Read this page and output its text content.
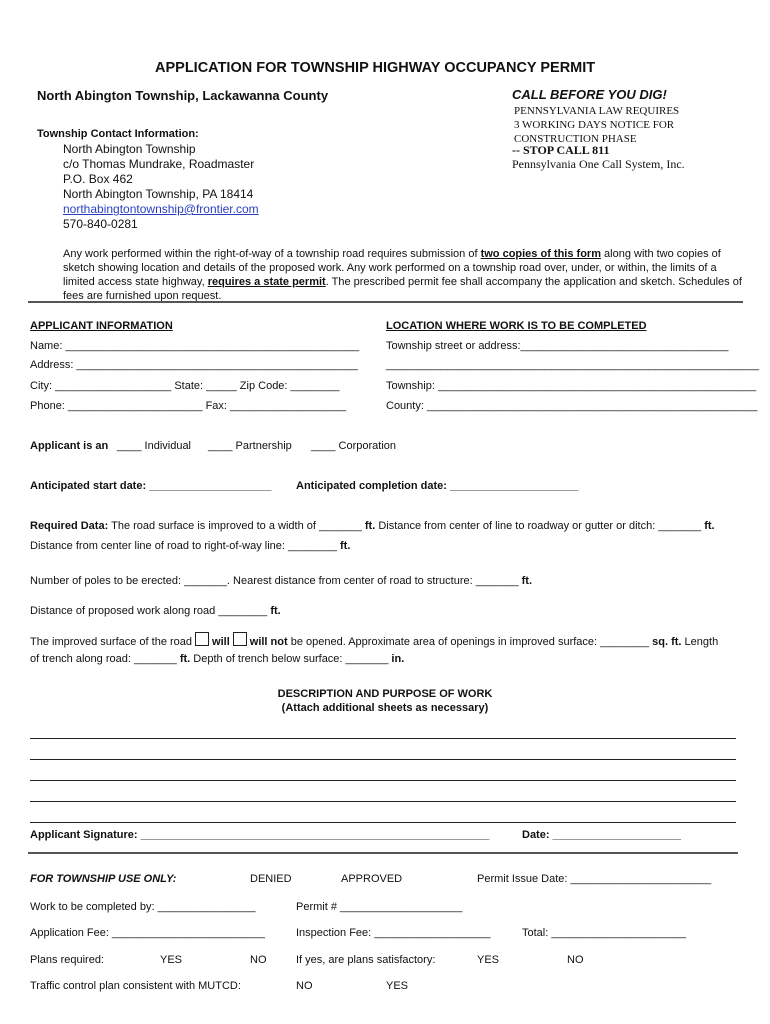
APPLICATION FOR TOWNSHIP HIGHWAY OCCUPANCY PERMIT
North Abington Township, Lackawanna County	CALL BEFORE YOU DIG!
PENNSYLVANIA LAW REQUIRES
3 WORKING DAYS NOTICE FOR
CONSTRUCTION PHASE
-- STOP CALL 811
Pennsylvania One Call System, Inc.
Township Contact Information:
North Abington Township
c/o Thomas Mundrake, Roadmaster
P.O. Box 462
North Abington Township, PA 18414
northabingtontownship@frontier.com
570-840-0281
Any work performed within the right-of-way of a township road requires submission of two copies of this form along with two copies of sketch showing location and details of the proposed work. Any work performed on a township road over, under, or within, the limits of a limited access state highway, requires a state permit. The prescribed permit fee shall accompany the application and sketch. Schedules of fees are furnished upon request.
APPLICANT INFORMATION
Name: ________________________________________________
Address: ______________________________________________
City: ___________________ State: _____ Zip Code: ________
Phone: ______________________ Fax: ___________________
LOCATION WHERE WORK IS TO BE COMPLETED
Township street or address:__________________________________
_____________________________________________________________
Township: ____________________________________________________
County: ______________________________________________________
Applicant is an ____ Individual ____ Partnership ____ Corporation
Anticipated start date: ____________________ Anticipated completion date: _____________________
Required Data: The road surface is improved to a width of _______ ft. Distance from center of line to roadway or gutter or ditch: _______ ft.
Distance from center line of road to right-of-way line: ________ ft.
Number of poles to be erected: _______. Nearest distance from center of road to structure: _______ ft.
Distance of proposed work along road ________ ft.
The improved surface of the road will will not be opened. Approximate area of openings in improved surface: ________ sq. ft. Length
of trench along road: _______ ft. Depth of trench below surface: _______ in.
DESCRIPTION AND PURPOSE OF WORK
(Attach additional sheets as necessary)
Applicant Signature: _________________________________________________________	Date: _____________________
FOR TOWNSHIP USE ONLY:	DENIED	APPROVED	Permit Issue Date: _______________________
Work to be completed by: ________________	Permit # ____________________
Application Fee: _________________________	Inspection Fee: ___________________	Total: ______________________
Plans required:	YES	NO	If yes, are plans satisfactory:	YES	NO
Traffic control plan consistent with MUTCD:	NO	YES
